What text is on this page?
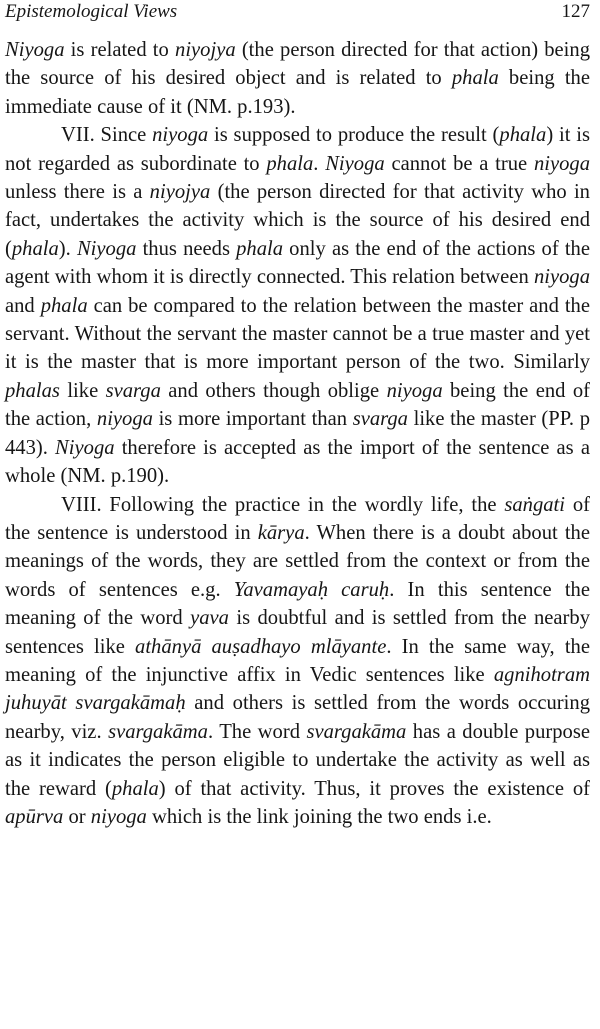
Epistemological Views	127

Niyoga is related to niyojya (the person directed for that action) being the source of his desired object and is related to phala being the immediate cause of it (NM. p.193).

VII. Since niyoga is supposed to produce the result (phala) it is not regarded as subordinate to phala. Niyoga cannot be a true niyoga unless there is a niyojya (the person directed for that activity who in fact, undertakes the activity which is the source of his desired end (phala). Niyoga thus needs phala only as the end of the actions of the agent with whom it is directly connected. This relation between niyoga and phala can be compared to the relation between the master and the servant. Without the servant the master cannot be a true master and yet it is the master that is more important person of the two. Similarly phalas like svarga and others though oblige niyoga being the end of the action, niyoga is more important than svarga like the master (PP. p 443). Niyoga therefore is accepted as the import of the sentence as a whole (NM. p.190).

VIII. Following the practice in the wordly life, the saṅgati of the sentence is understood in kārya. When there is a doubt about the meanings of the words, they are settled from the context or from the words of sentences e.g. Yavamayaḥ caruḥ. In this sentence the meaning of the word yava is doubtful and is settled from the nearby sentences like athānyā auṣadhayo mlāyante. In the same way, the meaning of the injunctive affix in Vedic sentences like agnihotram juhuyāt svargakāmaḥ and others is settled from the words occuring nearby, viz. svargakāma. The word svargakāma has a double purpose as it indicates the person eligible to undertake the activity as well as the reward (phala) of that activity. Thus, it proves the existence of apūrva or niyoga which is the link joining the two ends i.e.
